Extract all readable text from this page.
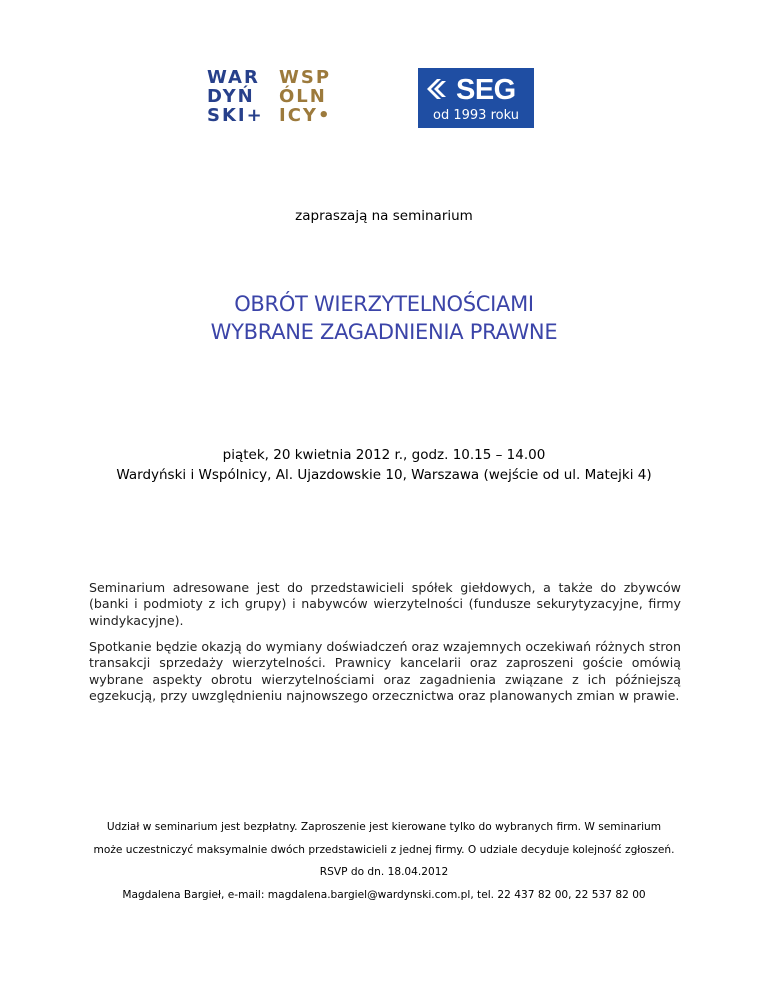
WAR	WSP
DYŃ	ÓLN
SKI+ ICY•
SEG
od 1993 roku
zapraszają na seminarium
OBRÓT WIERZYTELNOŚCIAMI
WYBRANE ZAGADNIENIA PRAWNE
piątek, 20 kwietnia 2012 r., godz. 10.15 – 14.00
Wardyński i Wspólnicy, Al. Ujazdowskie 10, Warszawa (wejście od ul. Matejki 4)
Seminarium adresowane jest do przedstawicieli spółek giełdowych, a także do zbywców (banki i podmioty z ich grupy) i nabywców wierzytelności (fundusze sekurytyzacyjne, firmy windykacyjne).
Spotkanie będzie okazją do wymiany doświadczeń oraz wzajemnych oczekiwań różnych stron transakcji sprzedaży wierzytelności. Prawnicy kancelarii oraz zaproszeni goście omówią wybrane aspekty obrotu wierzytelnościami oraz zagadnienia związane z ich późniejszą egzekucją, przy uwzględnieniu najnowszego orzecznictwa oraz planowanych zmian w prawie.
Udział w seminarium jest bezpłatny. Zaproszenie jest kierowane tylko do wybranych firm. W seminarium
może uczestniczyć maksymalnie dwóch przedstawicieli z jednej firmy. O udziale decyduje kolejność zgłoszeń.
RSVP do dn. 18.04.2012
Magdalena Bargieł, e-mail: magdalena.bargiel@wardynski.com.pl, tel. 22 437 82 00, 22 537 82 00
